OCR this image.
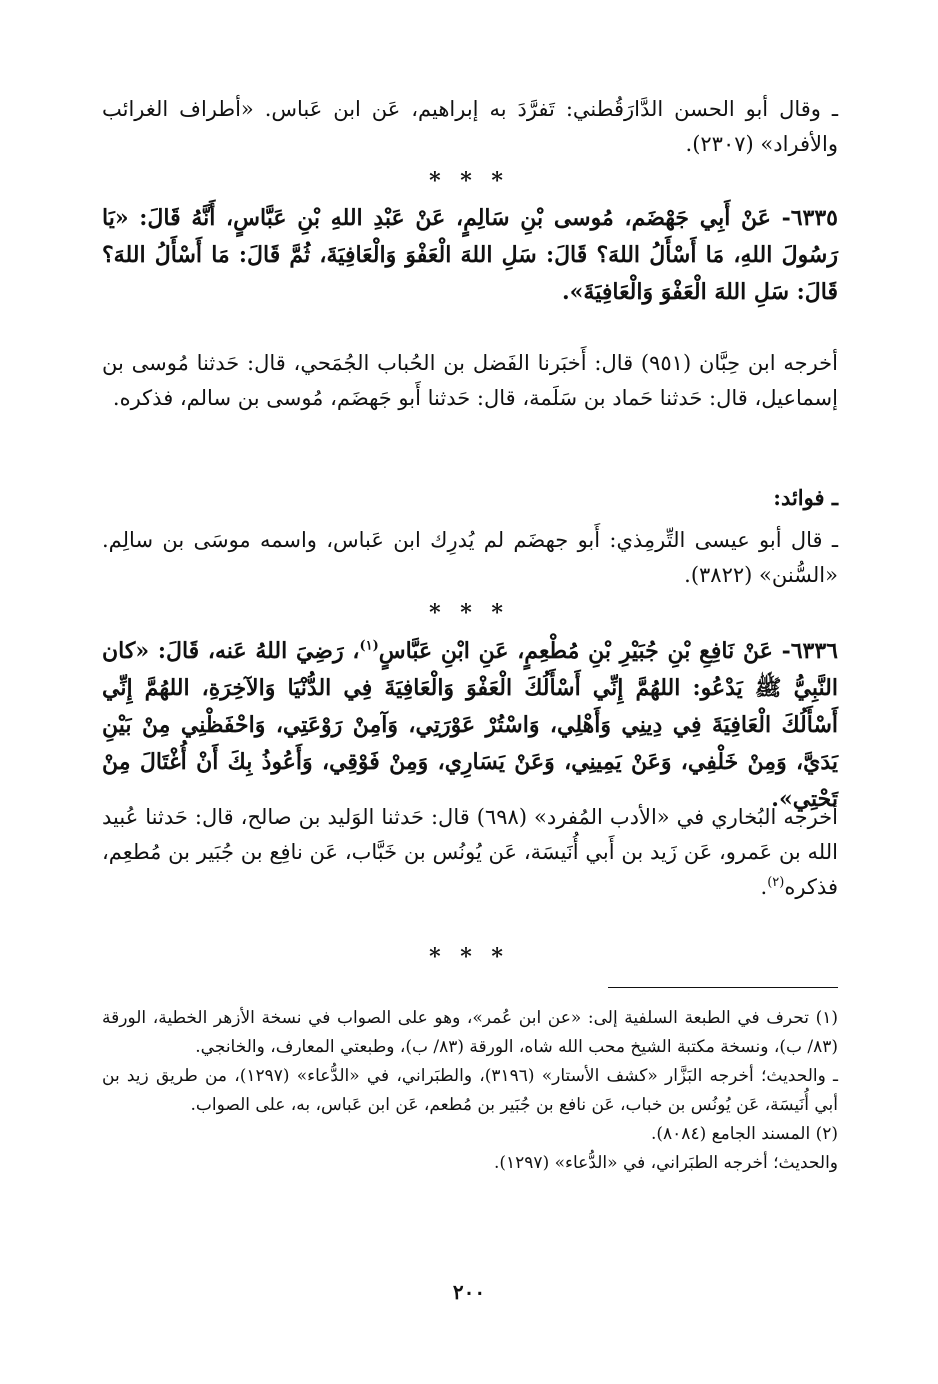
ـ وقال أبو الحسن الدَّارَقُطني: تَفرَّدَ به إبراهيم، عَن ابن عَباس. «أطراف الغرائب والأفراد» (٢٣٠٧).
* * *
٦٣٣٥- عَنْ أَبِي جَهْضَم، مُوسى بْنِ سَالِمٍ، عَنْ عَبْدِ اللهِ بْنِ عَبَّاسٍ، أَنَّهُ قَالَ: «يَا رَسُولَ اللهِ، مَا أَسْأَلُ اللهَ؟ قَالَ: سَلِ اللهَ الْعَفْوَ وَالْعَافِيَةَ، ثُمَّ قَالَ: مَا أَسْأَلُ اللهَ؟ قَالَ: سَلِ اللهَ الْعَفْوَ وَالْعَافِيَةَ».
أخرجه ابن حِبَّان (٩٥١) قال: أَخبَرنا الفَضل بن الحُباب الجُمَحي، قال: حَدثنا مُوسى بن إسماعيل، قال: حَدثنا حَماد بن سَلَمة، قال: حَدثنا أَبو جَهضَم، مُوسى بن سالم، فذكره.
ـ فوائد:
ـ قال أبو عيسى التِّرمِذي: أَبو جهضَم لم يُدرِك ابن عَباس، واسمه موسَى بن سالِم. «السُّنن» (٣٨٢٢).
* * *
٦٣٣٦- عَنْ نَافِعِ بْنِ جُبَيْرِ بْنِ مُطْعِمٍ، عَنِ ابْنِ عَبَّاسٍ$^{(١)}$، رَضِيَ اللهُ عَنه، قَالَ: «كان النَّبِيُّ ﷺ يَدْعُو: اللهُمَّ إِنِّي أَسْأَلُكَ الْعَفْوَ وَالْعَافِيَةَ فِي الدُّنْيَا وَالآخِرَةِ، اللهُمَّ إِنِّي أَسْأَلُكَ الْعَافِيَةَ فِي دِينِي وَأَهْلِي، وَاسْتُرْ عَوْرَتِي، وَآمِنْ رَوْعَتِي، وَاحْفَظْنِي مِنْ بَيْنِ يَدَيَّ، وَمِنْ خَلْفِي، وَعَنْ يَمِينِي، وَعَنْ يَسَارِي، وَمِنْ فَوْقِي، وَأَعُوذُ بِكَ أَنْ أُغْتَالَ مِنْ تَحْتِي».
أخرجه البُخاري في «الأدب المُفرد» (٦٩٨) قال: حَدثنا الوَليد بن صالح، قال: حَدثنا عُبيد الله بن عَمرو، عَن زَيد بن أَبي أُنَيسَة، عَن يُونُس بن خَبَّاب، عَن نافِع بن جُبَير بن مُطعِم، فذكره$^{(٢)}$.
* * *
(١) تحرف في الطبعة السلفية إلى: «عن ابن عُمر»، وهو على الصواب في نسخة الأزهر الخطية، الورقة (٨٣/ ب)، ونسخة مكتبة الشيخ محب الله شاه، الورقة (٨٣/ ب)، وطبعتي المعارف، والخانجي.
ـ والحديث؛ أخرجه البَزَّار «كشف الأستار» (٣١٩٦)، والطبَراني، في «الدُّعاء» (١٢٩٧)، من طريق زيد بن أبي أُنَيسَة، عَن يُونُس بن خباب، عَن نافع بن جُبَير بن مُطعم، عَن ابن عَباس، به، على الصواب.
(٢) المسند الجامع (٨٠٨٤).
والحديث؛ أخرجه الطبَراني، في «الدُّعاء» (١٢٩٧).
٢٠٠
